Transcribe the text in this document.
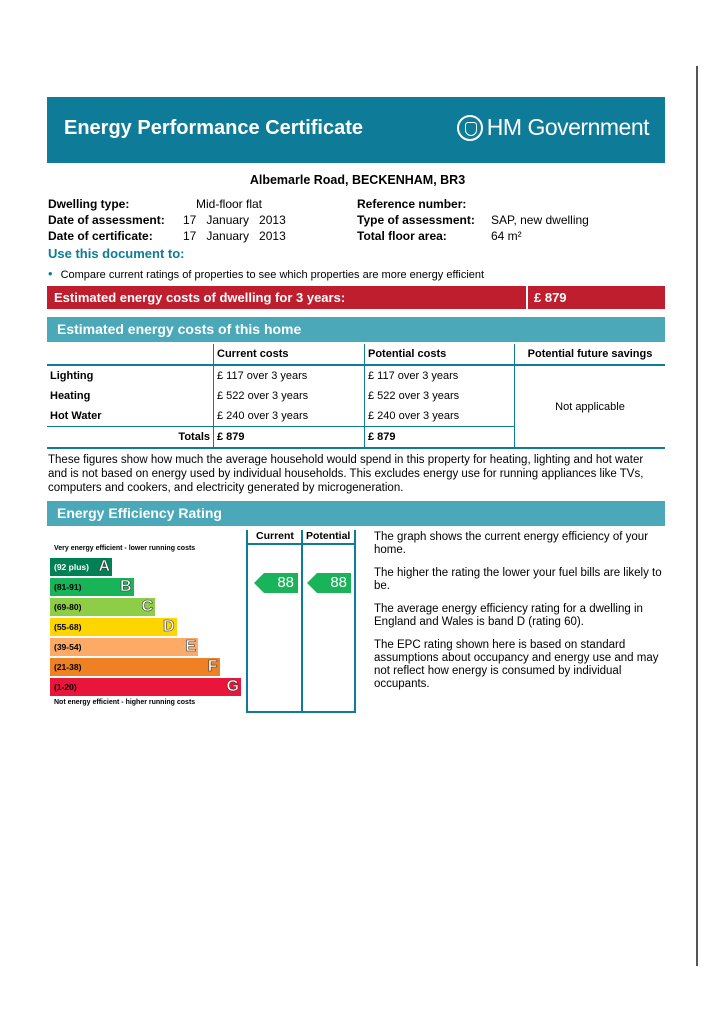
Energy Performance Certificate	HM Government
Albemarle Road, BECKENHAM, BR3
Dwelling type:	Mid-floor flat
Date of assessment: 17   January   2013
Date of certificate:	17   January   2013
Reference number:
Type of assessment: SAP, new dwelling
Total floor area:	64 m²
Use this document to:
• Compare current ratings of properties to see which properties are more energy efficient
Estimated energy costs of dwelling for 3 years:	£ 879
Estimated energy costs of this home
	Current costs	Potential costs	Potential future savings
Lighting	£ 117 over 3 years	£ 117 over 3 years	Not applicable
Heating	£ 522 over 3 years	£ 522 over 3 years	
Hot Water	£ 240 over 3 years	£ 240 over 3 years	
Totals	£ 879	£ 879	
These figures show how much the average household would spend in this property for heating, lighting and hot water and is not based on energy used by individual households. This excludes energy use for running appliances like TVs, computers and cookers, and electricity generated by microgeneration.
Energy Efficiency Rating
Very energy efficient - lower running costs
(92 plus) A
(81-91) B
(69-80)	C
(55-68)	D
(39-54)	E
(21-38)	F
(1-20)	G
Not energy efficient - higher running costs
Current Potential
88 88

The graph shows the current energy efficiency of your home.

The higher the rating the lower your fuel bills are likely to be.

The average energy efficiency rating for a dwelling in England and Wales is band D (rating 60).

The EPC rating shown here is based on standard assumptions about occupancy and energy use and may not reflect how energy is consumed by individual occupants.
